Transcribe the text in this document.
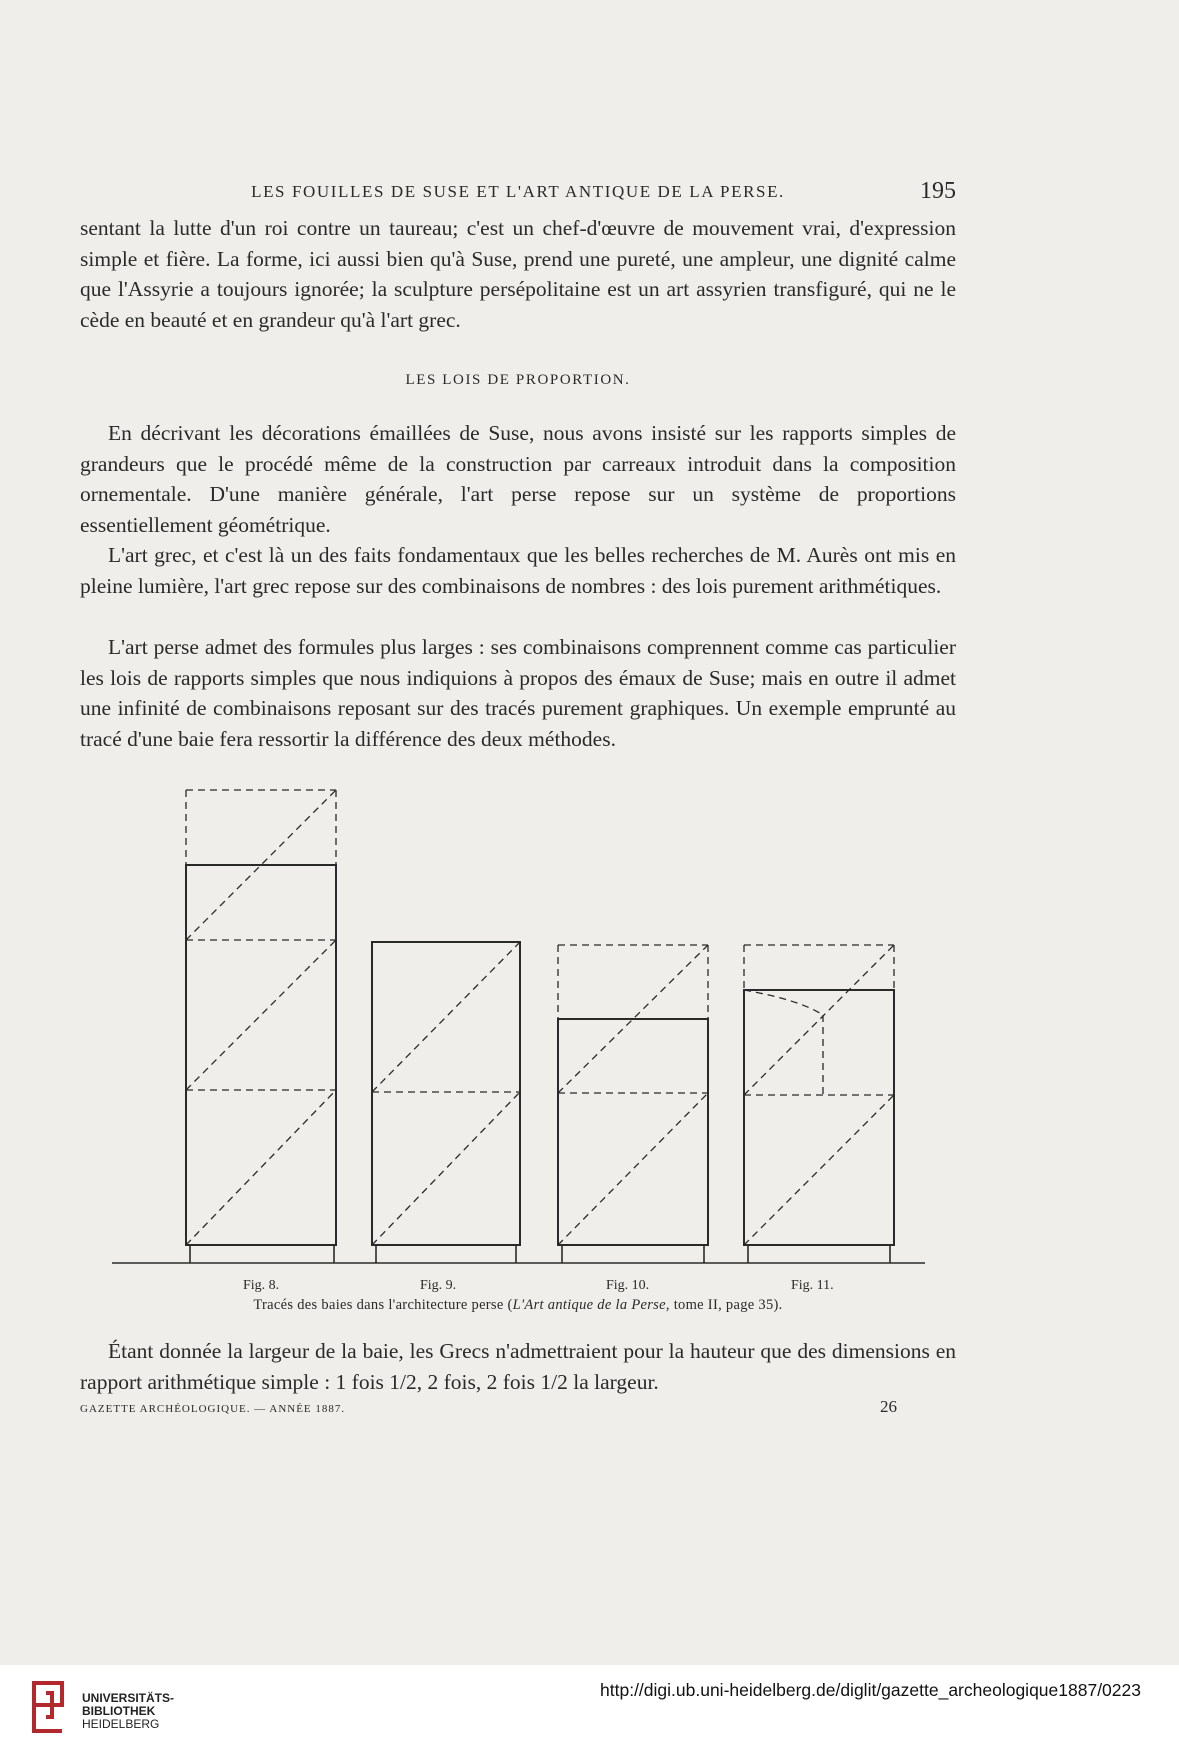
LES FOUILLES DE SUSE ET L'ART ANTIQUE DE LA PERSE.	195

sentant la lutte d'un roi contre un taureau; c'est un chef-d'œuvre de mouvement vrai, d'expression simple et fière. La forme, ici aussi bien qu'à Suse, prend une pureté, une ampleur, une dignité calme que l'Assyrie a toujours ignorée; la sculpture persépolitaine est un art assyrien transfiguré, qui ne le cède en beauté et en grandeur qu'à l'art grec.

LES LOIS DE PROPORTION.

En décrivant les décorations émaillées de Suse, nous avons insisté sur les rapports simples de grandeurs que le procédé même de la construction par carreaux introduit dans la composition ornementale. D'une manière générale, l'art perse repose sur un système de proportions essentiellement géométrique.

L'art grec, et c'est là un des faits fondamentaux que les belles recherches de M. Aurès ont mis en pleine lumière, l'art grec repose sur des combinaisons de nombres : des lois purement arithmétiques.

L'art perse admet des formules plus larges : ses combinaisons comprennent comme cas particulier les lois de rapports simples que nous indiquions à propos des émaux de Suse; mais en outre il admet une infinité de combinaisons reposant sur des tracés purement graphiques. Un exemple emprunté au tracé d'une baie fera ressortir la différence des deux méthodes.

Fig. 8.	Fig. 9.	Fig. 10.	Fig. 11.
Tracés des baies dans l'architecture perse (L'Art antique de la Perse, tome II, page 35).

Étant donnée la largeur de la baie, les Grecs n'admettraient pour la hauteur que des dimensions en rapport arithmétique simple : 1 fois 1/2, 2 fois, 2 fois 1/2 la largeur.

GAZETTE ARCHÉOLOGIQUE. — ANNÉE 1887.	26
UNIVERSITÄTS-
BIBLIOTHEK
HEIDELBERG
http://digi.ub.uni-heidelberg.de/diglit/gazette_archeologique1887/0223
